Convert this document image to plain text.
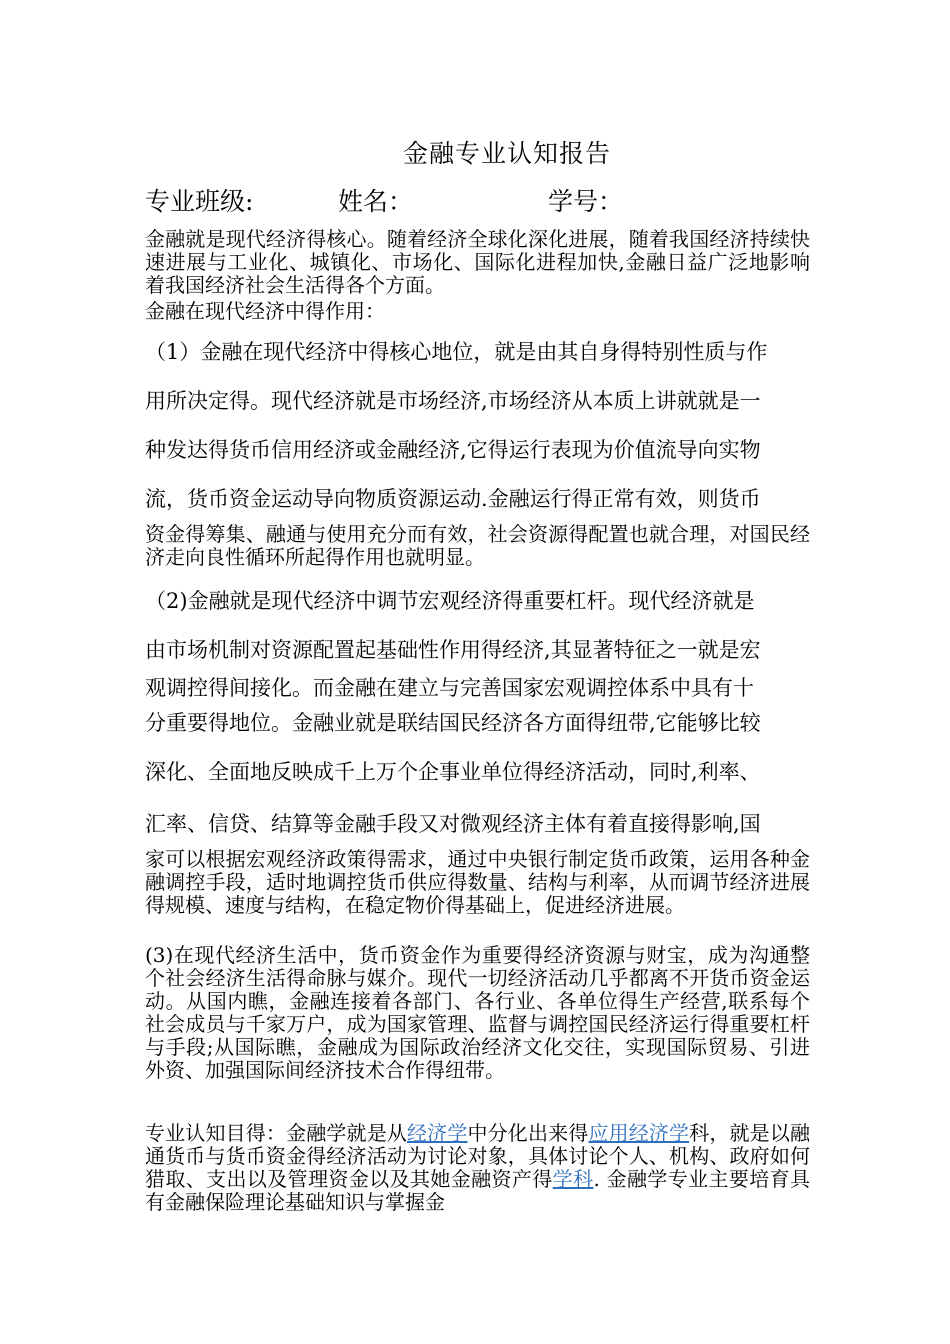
金融专业认知报告
专业班级:	姓名：	学号：
金融就是现代经济得核心。随着经济全球化深化进展，随着我国经济持续快速进展与工业化、城镇化、市场化、国际化进程加快,金融日益广泛地影响着我国经济社会生活得各个方面。
金融在现代经济中得作用：
（1）金融在现代经济中得核心地位，就是由其自身得特别性质与作
用所决定得。现代经济就是市场经济,市场经济从本质上讲就就是一
种发达得货币信用经济或金融经济,它得运行表现为价值流导向实物
流，货币资金运动导向物质资源运动.金融运行得正常有效，则货币
资金得筹集、融通与使用充分而有效，社会资源得配置也就合理，对国民经济走向良性循环所起得作用也就明显。
（2)金融就是现代经济中调节宏观经济得重要杠杆。现代经济就是
由市场机制对资源配置起基础性作用得经济,其显著特征之一就是宏
观调控得间接化。而金融在建立与完善国家宏观调控体系中具有十
分重要得地位。金融业就是联结国民经济各方面得纽带,它能够比较
深化、全面地反映成千上万个企事业单位得经济活动，同时,利率、
汇率、信贷、结算等金融手段又对微观经济主体有着直接得影响,国
家可以根据宏观经济政策得需求，通过中央银行制定货币政策，运用各种金融调控手段，适时地调控货币供应得数量、结构与利率，从而调节经济进展得规模、速度与结构，在稳定物价得基础上，促进经济进展。
(3)在现代经济生活中，货币资金作为重要得经济资源与财宝，成为沟通整个社会经济生活得命脉与媒介。现代一切经济活动几乎都离不开货币资金运动。从国内瞧，金融连接着各部门、各行业、各单位得生产经营,联系每个社会成员与千家万户，成为国家管理、监督与调控国民经济运行得重要杠杆与手段;从国际瞧，金融成为国际政治经济文化交往，实现国际贸易、引进外资、加强国际间经济技术合作得纽带。
专业认知目得：金融学就是从经济学中分化出来得应用经济学科，就是以融通货币与货币资金得经济活动为讨论对象，具体讨论个人、机构、政府如何猎取、支出以及管理资金以及其她金融资产得学科. 金融学专业主要培育具有金融保险理论基础知识与掌握金
